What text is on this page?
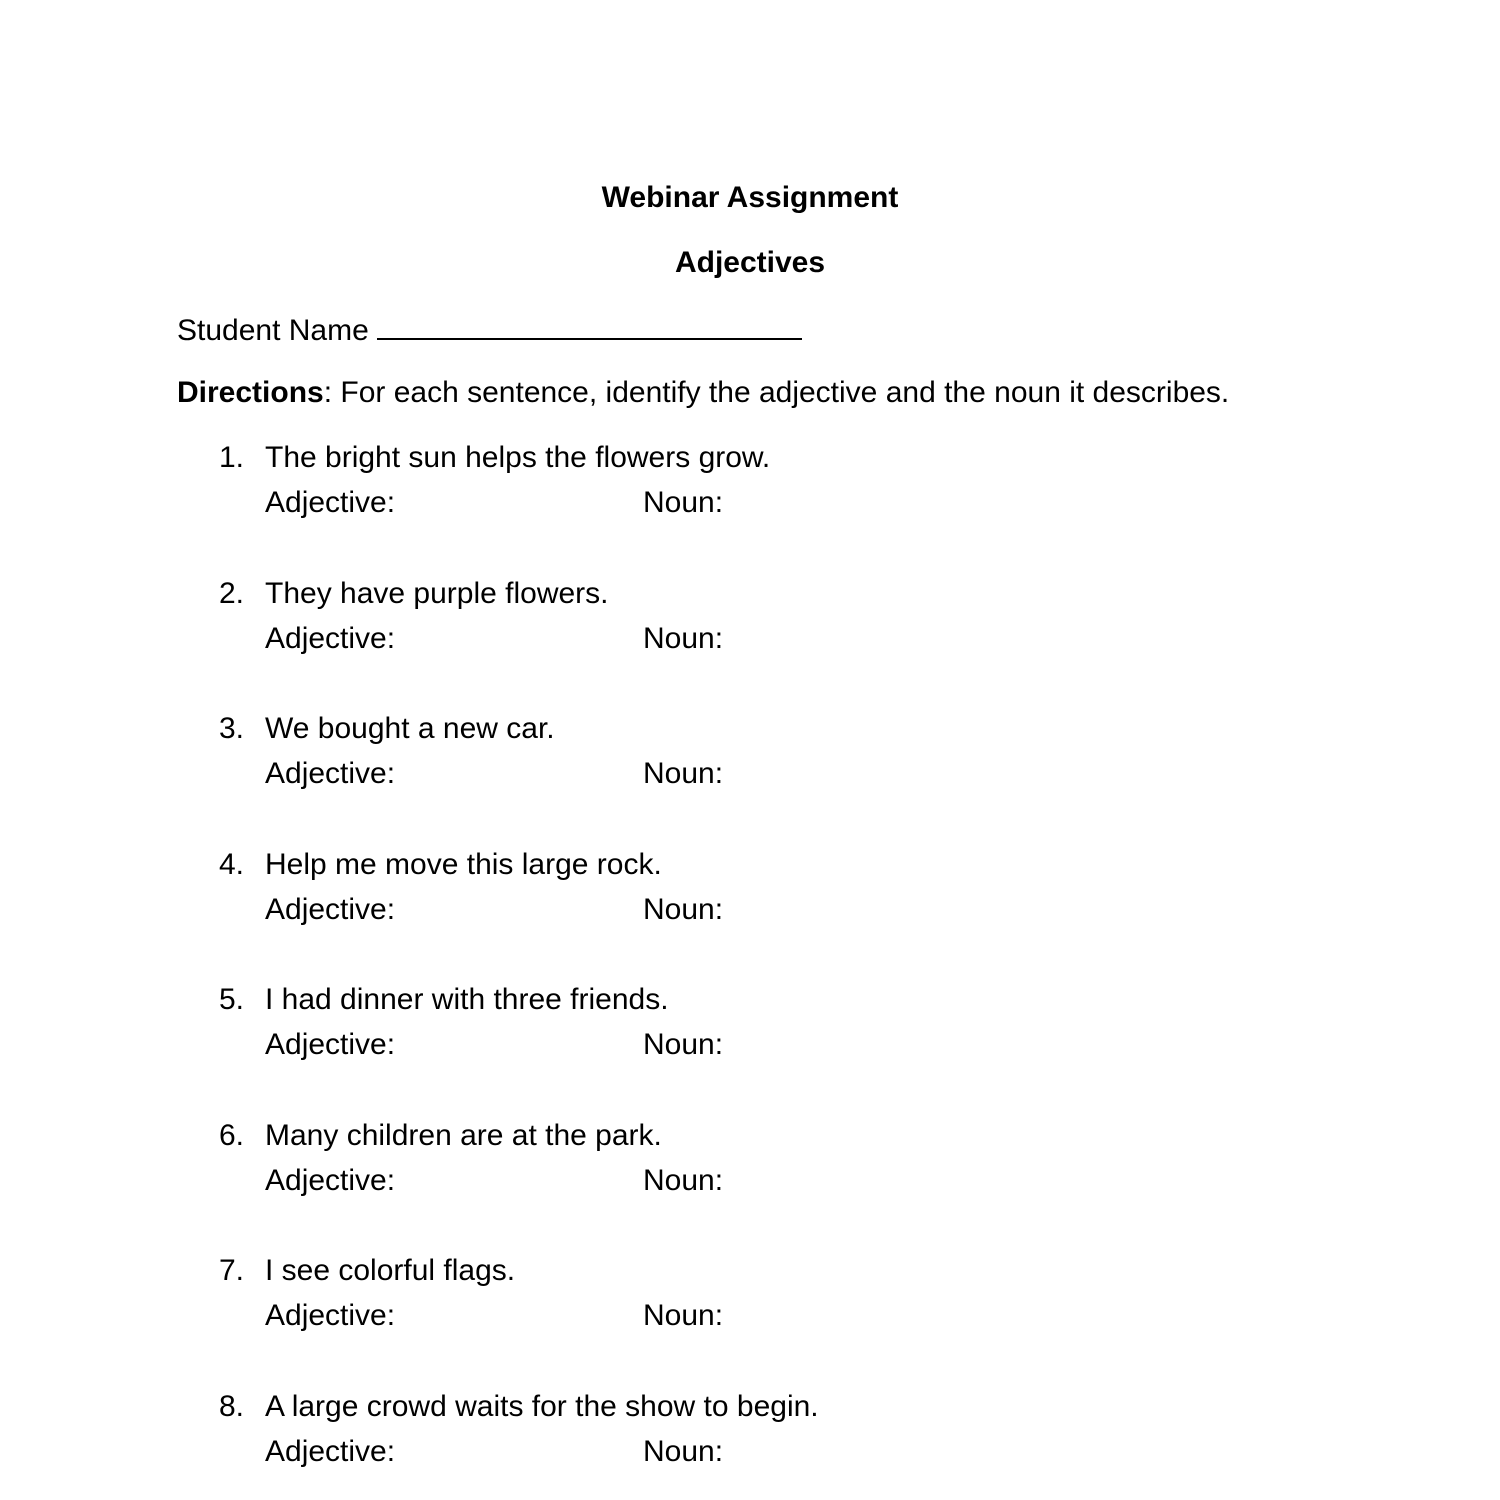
Webinar Assignment
Adjectives
Student Name
Directions: For each sentence, identify the adjective and the noun it describes.
1. The bright sun helps the flowers grow.
Adjective:	Noun:
2. They have purple flowers.
Adjective:	Noun:
3. We bought a new car.
Adjective:	Noun:
4. Help me move this large rock.
Adjective:	Noun:
5. I had dinner with three friends.
Adjective:	Noun:
6. Many children are at the park.
Adjective:	Noun:
7. I see colorful flags.
Adjective:	Noun:
8. A large crowd waits for the show to begin.
Adjective:	Noun:
